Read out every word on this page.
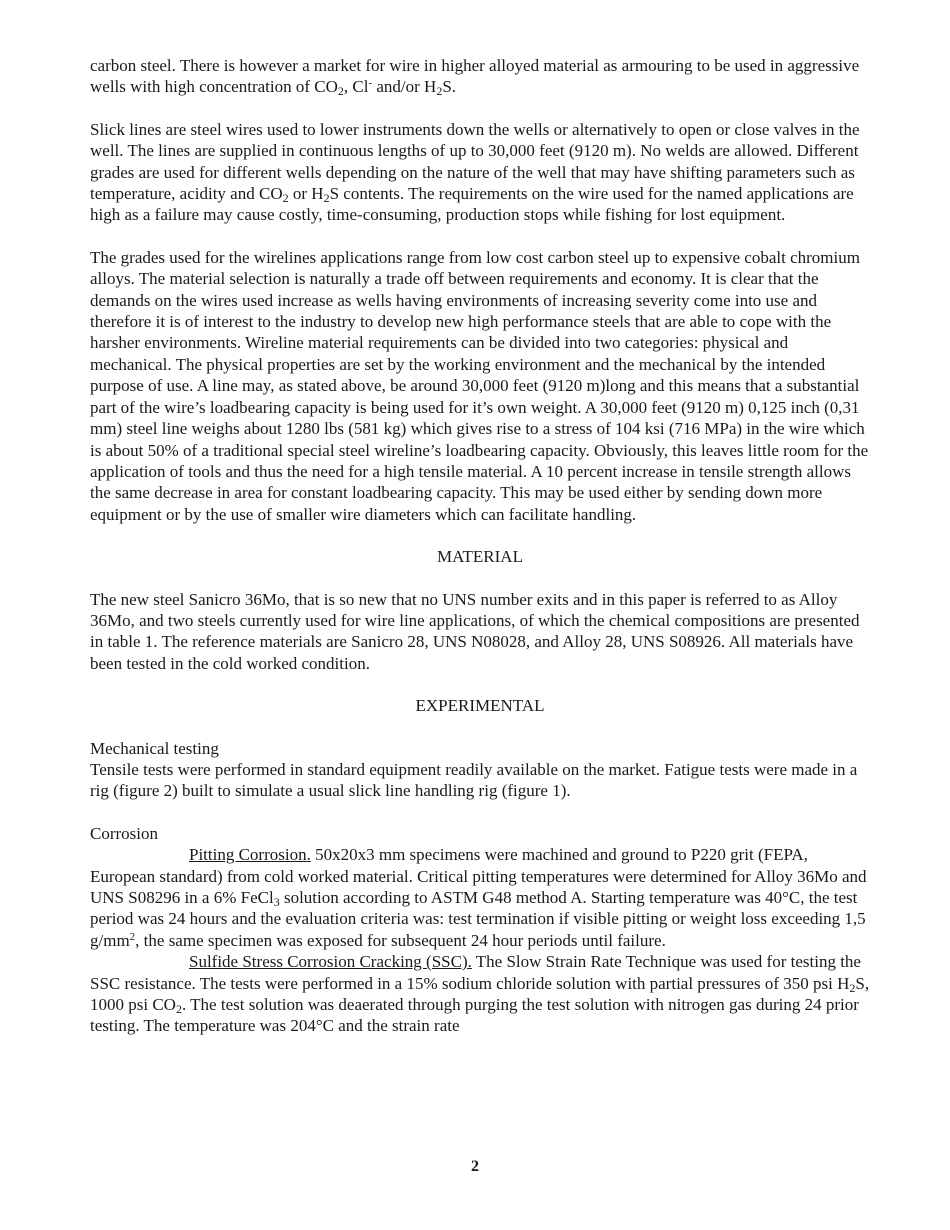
carbon steel. There is however a market for wire in higher alloyed material as armouring to be used in aggressive wells with high concentration of $CO_2$, Cl- and/or $H_2S$.

Slick lines are steel wires used to lower instruments down the wells or alternatively to open or close valves in the well. The lines are supplied in continuous lengths of up to 30,000 feet (9120 m). No welds are allowed. Different grades are used for different wells depending on the nature of the well that may have shifting parameters such as temperature, acidity and $CO_2$ or $H_2S$ contents. The requirements on the wire used for the named applications are high as a failure may cause costly, time-consuming, production stops while fishing for lost equipment.

The grades used for the wirelines applications range from low cost carbon steel up to expensive cobalt chromium alloys. The material selection is naturally a trade off between requirements and economy. It is clear that the demands on the wires used increase as wells having environments of increasing severity come into use and therefore it is of interest to the industry to develop new high performance steels that are able to cope with the harsher environments. Wireline material requirements can be divided into two categories: physical and mechanical. The physical properties are set by the working environment and the mechanical by the intended purpose of use. A line may, as stated above, be around 30,000 feet (9120 m)long and this means that a substantial part of the wire’s loadbearing capacity is being used for it’s own weight. A 30,000 feet (9120 m) 0,125 inch (0,31 mm) steel line weighs about 1280 lbs (581 kg) which gives rise to a stress of 104 ksi (716 MPa) in the wire which is about 50% of a traditional special steel wireline’s loadbearing capacity. Obviously, this leaves little room for the application of tools and thus the need for a high tensile material. A 10 percent increase in tensile strength allows the same decrease in area for constant loadbearing capacity. This may be used either by sending down more equipment or by the use of smaller wire diameters which can facilitate handling.

MATERIAL

The new steel Sanicro 36Mo, that is so new that no UNS number exits and in this paper is referred to as Alloy 36Mo, and two steels currently used for wire line applications, of which the chemical compositions are presented in table 1. The reference materials are Sanicro 28, UNS N08028, and Alloy 28, UNS S08926. All materials have been tested in the cold worked condition.

EXPERIMENTAL

Mechanical testing

Tensile tests were performed in standard equipment readily available on the market. Fatigue tests were made in a rig (figure 2) built to simulate a usual slick line handling rig (figure 1).

Corrosion

Pitting Corrosion. 50x20x3 mm specimens were machined and ground to P220 grit (FEPA, European standard) from cold worked material. Critical pitting temperatures were determined for Alloy 36Mo and UNS S08296 in a 6% FeCl$_3$ solution according to ASTM G48 method A. Starting temperature was 40°C, the test period was 24 hours and the evaluation criteria was: test termination if visible pitting or weight loss exceeding 1,5 $g/mm^2$, the same specimen was exposed for subsequent 24 hour periods until failure.

Sulfide Stress Corrosion Cracking (SSC). The Slow Strain Rate Technique was used for testing the SSC resistance. The tests were performed in a 15% sodium chloride solution with partial pressures of 350 psi $H_2S$, 1000 psi $CO_2$. The test solution was deaerated through purging the test solution with nitrogen gas during 24 prior testing. The temperature was 204°C and the strain rate

2
